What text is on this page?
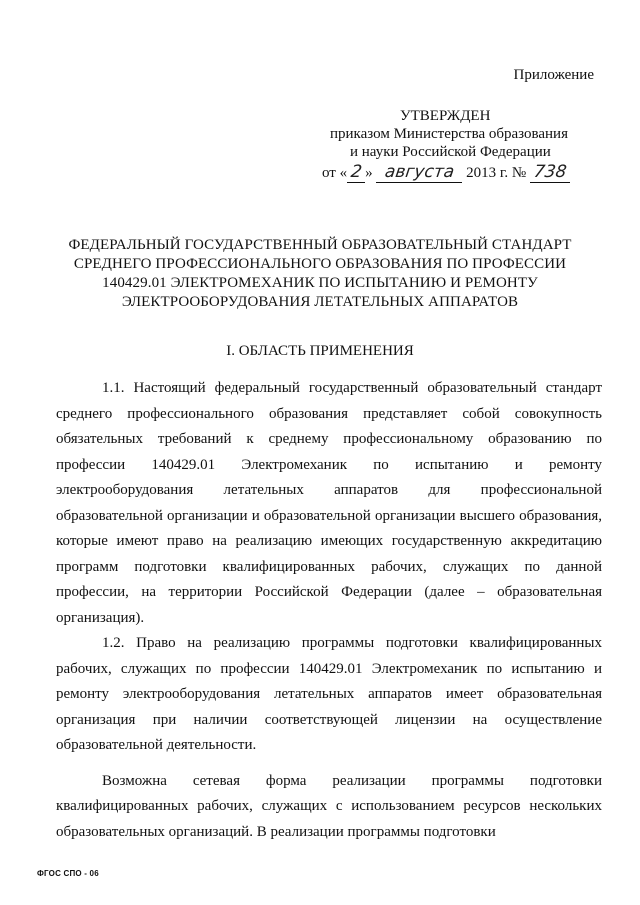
Приложение
УТВЕРЖДЕН
приказом Министерства образования
и науки Российской Федерации
от « 2 » августа 2013 г. № 738
ФЕДЕРАЛЬНЫЙ ГОСУДАРСТВЕННЫЙ ОБРАЗОВАТЕЛЬНЫЙ СТАНДАРТ
СРЕДНЕГО ПРОФЕССИОНАЛЬНОГО ОБРАЗОВАНИЯ ПО ПРОФЕССИИ
140429.01 ЭЛЕКТРОМЕХАНИК ПО ИСПЫТАНИЮ И РЕМОНТУ
ЭЛЕКТРООБОРУДОВАНИЯ ЛЕТАТЕЛЬНЫХ АППАРАТОВ
I. ОБЛАСТЬ ПРИМЕНЕНИЯ

1.1. Настоящий федеральный государственный образовательный стандарт среднего профессионального образования представляет собой совокупность обязательных требований к среднему профессиональному образованию по профессии 140429.01 Электромеханик по испытанию и ремонту электрооборудования летательных аппаратов для профессиональной образовательной организации и образовательной организации высшего образования, которые имеют право на реализацию имеющих государственную аккредитацию программ подготовки квалифицированных рабочих, служащих по данной профессии, на территории Российской Федерации (далее – образовательная организация).

1.2. Право на реализацию программы подготовки квалифицированных рабочих, служащих по профессии 140429.01 Электромеханик по испытанию и ремонту электрооборудования летательных аппаратов имеет образовательная организация при наличии соответствующей лицензии на осуществление образовательной деятельности.

Возможна сетевая форма реализации программы подготовки квалифицированных рабочих, служащих с использованием ресурсов нескольких образовательных организаций. В реализации программы подготовки

ФГОС СПО - 06
